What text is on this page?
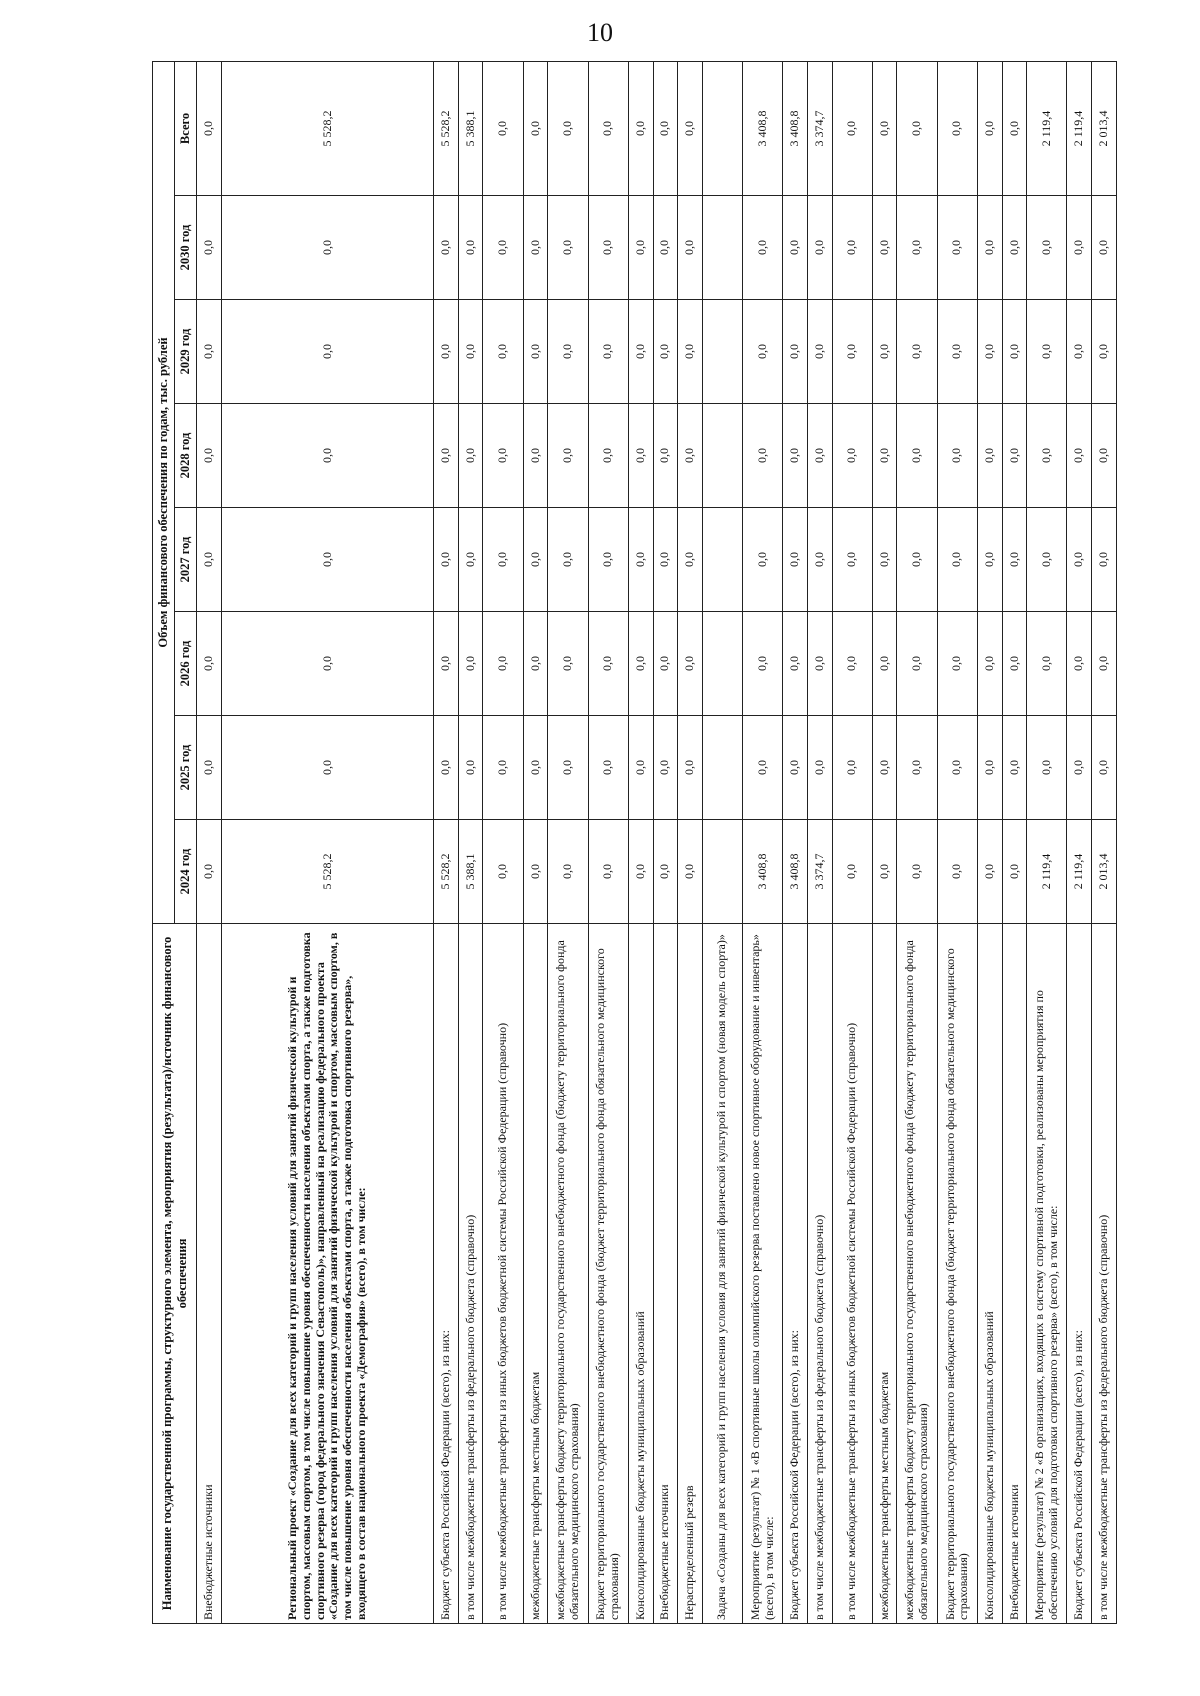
10
Наименование государственной программы, структурного элемента, мероприятия (результата)/источник финансового обеспечения	Объем финансового обеспечения по годам, тыс. рублей							
	2024 год	2025 год	2026 год	2027 год	2028 год	2029 год	2030 год	Всего
Внебюджетные источники	0,0	0,0	0,0	0,0	0,0	0,0	0,0	0,0
Региональный проект «Создание для всех категорий и групп населения условий для занятий физической культурой и спортом, массовым спортом, в том числе повышение уровня обеспеченности населения объектами спорта, а также подготовка спортивного резерва (город федерального значения Севастополь)», направленный на реализацию федерального проекта «Создание для всех категорий и групп населения условий для занятий физической культурой и спортом, массовым спортом, в том числе повышение уровня обеспеченности населения объектами спорта, а также подготовка спортивного резерва», входящего в состав национального проекта «Демография» (всего), в том числе:	5 528,2	0,0	0,0	0,0	0,0	0,0	0,0	5 528,2
Бюджет субъекта Российской Федерации (всего), из них:	5 528,2	0,0	0,0	0,0	0,0	0,0	0,0	5 528,2
в том числе межбюджетные трансферты из федерального бюджета (справочно)	5 388,1	0,0	0,0	0,0	0,0	0,0	0,0	5 388,1
в том числе межбюджетные трансферты из иных бюджетов бюджетной системы Российской Федерации (справочно)	0,0	0,0	0,0	0,0	0,0	0,0	0,0	0,0
межбюджетные трансферты местным бюджетам	0,0	0,0	0,0	0,0	0,0	0,0	0,0	0,0
межбюджетные трансферты бюджету территориального государственного внебюджетного фонда (бюджету территориального фонда обязательного медицинского страхования)	0,0	0,0	0,0	0,0	0,0	0,0	0,0	0,0
Бюджет территориального государственного внебюджетного фонда (бюджет территориального фонда обязательного медицинского страхования)	0,0	0,0	0,0	0,0	0,0	0,0	0,0	0,0
Консолидированные бюджеты муниципальных образований	0,0	0,0	0,0	0,0	0,0	0,0	0,0	0,0
Внебюджетные источники	0,0	0,0	0,0	0,0	0,0	0,0	0,0	0,0
Нераспределенный резерв	0,0	0,0	0,0	0,0	0,0	0,0	0,0	0,0
Задача «Созданы для всех категорий и групп населения условия для занятий физической культурой и спортом (новая модель спорта)»								
Мероприятие (результат) № 1 «В спортивные школы олимпийского резерва поставлено новое спортивное оборудование и инвентарь» (всего), в том числе:	3 408,8	0,0	0,0	0,0	0,0	0,0	0,0	3 408,8
Бюджет субъекта Российской Федерации (всего), из них:	3 408,8	0,0	0,0	0,0	0,0	0,0	0,0	3 408,8
в том числе межбюджетные трансферты из федерального бюджета (справочно)	3 374,7	0,0	0,0	0,0	0,0	0,0	0,0	3 374,7
в том числе межбюджетные трансферты из иных бюджетов бюджетной системы Российской Федерации (справочно)	0,0	0,0	0,0	0,0	0,0	0,0	0,0	0,0
межбюджетные трансферты местным бюджетам	0,0	0,0	0,0	0,0	0,0	0,0	0,0	0,0
межбюджетные трансферты бюджету территориального государственного внебюджетного фонда (бюджету территориального фонда обязательного медицинского страхования)	0,0	0,0	0,0	0,0	0,0	0,0	0,0	0,0
Бюджет территориального государственного внебюджетного фонда (бюджет территориального фонда обязательного медицинского страхования)	0,0	0,0	0,0	0,0	0,0	0,0	0,0	0,0
Консолидированные бюджеты муниципальных образований	0,0	0,0	0,0	0,0	0,0	0,0	0,0	0,0
Внебюджетные источники	0,0	0,0	0,0	0,0	0,0	0,0	0,0	0,0
Мероприятие (результат) № 2 «В организациях, входящих в систему спортивной подготовки, реализованы мероприятия по обеспечению условий для подготовки спортивного резерва» (всего), в том числе:	2 119,4	0,0	0,0	0,0	0,0	0,0	0,0	2 119,4
Бюджет субъекта Российской Федерации (всего), из них:	2 119,4	0,0	0,0	0,0	0,0	0,0	0,0	2 119,4
в том числе межбюджетные трансферты из федерального бюджета (справочно)	2 013,4	0,0	0,0	0,0	0,0	0,0	0,0	2 013,4
